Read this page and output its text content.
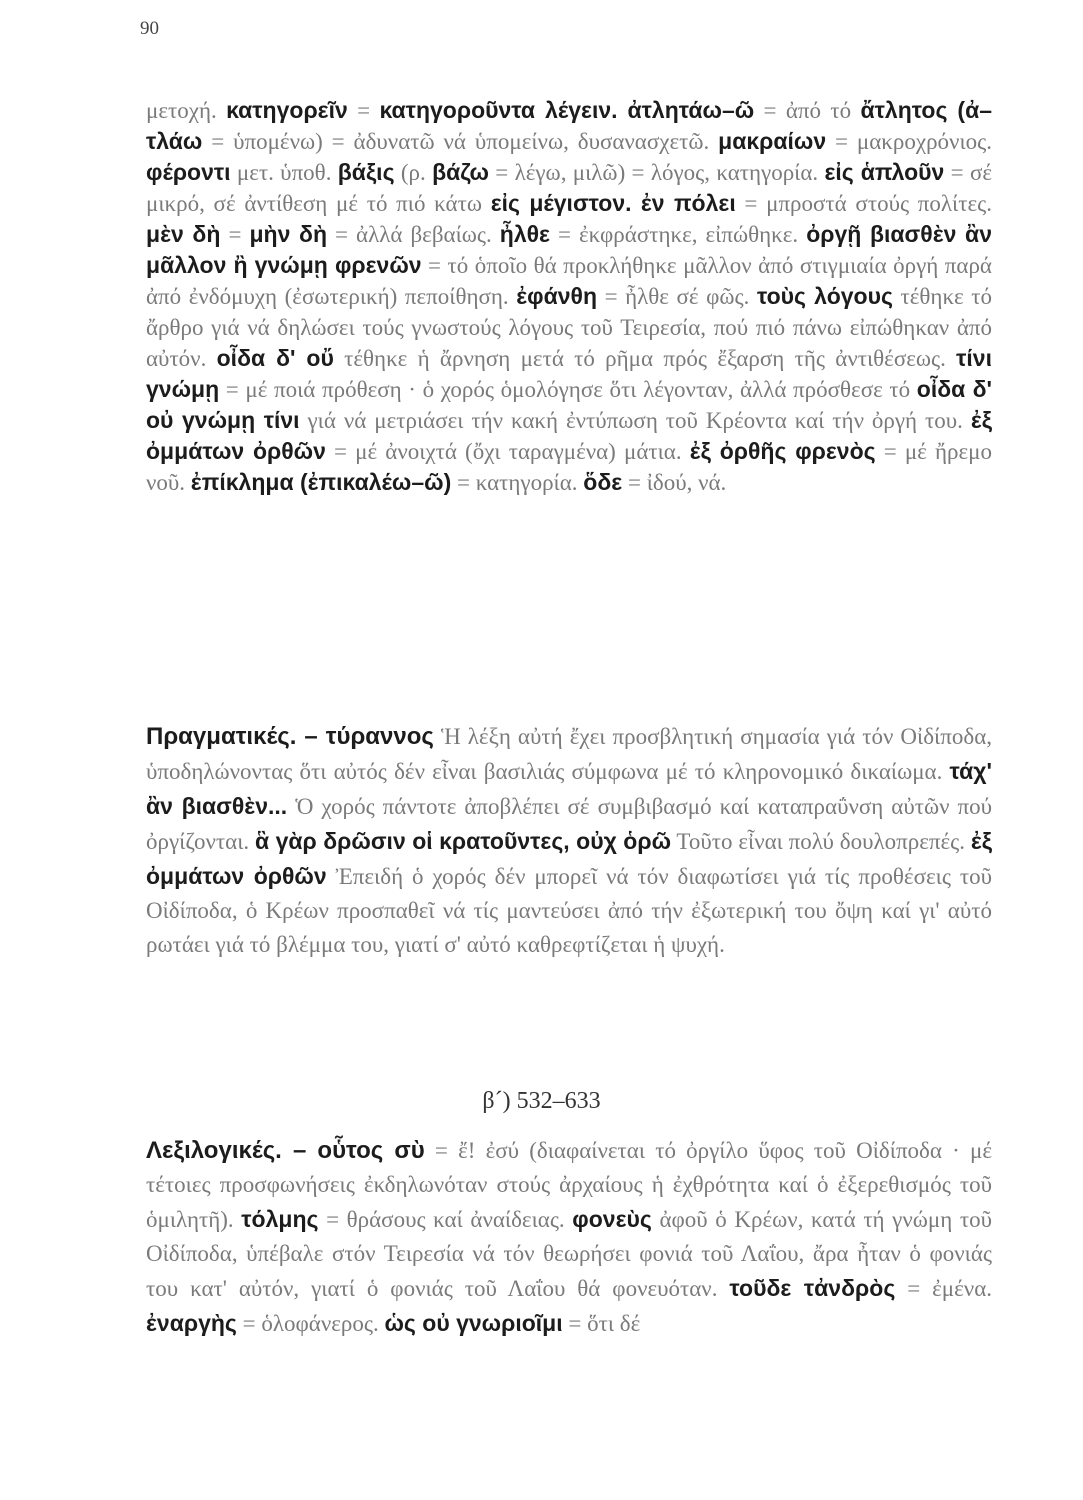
90
μετοχή. κατηγορεῖν = κατηγοροῦντα λέγειν. ἀτλητάω–ῶ = ἀπό τό ἄτλητος (ἀ–τλάω = ὑπομένω) = ἀδυνατῶ νά ὑπομείνω, δυσανασχετῶ. μακραίων = μακροχρόνιος. φέροντι μετ. ὑποθ. βάξις (ρ. βάζω = λέγω, μιλῶ) = λόγος, κατηγορία. εἰς ἁπλοῦν = σέ μικρό, σέ ἀντίθεση μέ τό πιό κάτω εἰς μέγιστον. ἐν πόλει = μπροστά στούς πολίτες. μὲν δὴ = μὴν δὴ = ἀλλά βεβαίως. ἦλθε = ἐκφράστηκε, εἰπώθηκε. ὀργῇ βιασθὲν ἂν μᾶλλον ἢ γνώμῃ φρενῶν = τό ὁποῖο θά προκλήθηκε μᾶλλον ἀπό στιγμιαία ὀργή παρά ἀπό ἐνδόμυχη (ἐσωτερική) πεποίθηση. ἐφάνθη = ἦλθε σέ φῶς. τοὺς λόγους τέθηκε τό ἄρθρο γιά νά δηλώσει τούς γνωστούς λόγους τοῦ Τειρεσία, πού πιό πάνω εἰπώθηκαν ἀπό αὐτόν. οἶδα δ' οὔ τέθηκε ἡ ἄρνηση μετά τό ρῆμα πρός ἔξαρση τῆς ἀντιθέσεως. τίνι γνώμῃ = μέ ποιά πρόθεση · ὁ χορός ὁμολόγησε ὅτι λέγονταν, ἀλλά πρόσθεσε τό οἶδα δ' οὐ γνώμῃ τίνι γιά νά μετριάσει τήν κακή ἐντύπωση τοῦ Κρέοντα καί τήν ὀργή του. ἐξ ὀμμάτων ὀρθῶν = μέ ἀνοιχτά (ὄχι ταραγμένα) μάτια. ἐξ ὀρθῆς φρενὸς = μέ ἤρεμο νοῦ. ἐπίκλημα (ἐπικαλέω–ῶ) = κατηγορία. ὅδε = ἰδού, νά.
Πραγματικές. – τύραννος Ἡ λέξη αὐτή ἔχει προσβλητική σημασία γιά τόν Οἰδίποδα, ὑποδηλώνοντας ὅτι αὐτός δέν εἶναι βασιλιάς σύμφωνα μέ τό κληρονομικό δικαίωμα. τάχ' ἂν βιασθὲν... Ὁ χορός πάντοτε ἀποβλέπει σέ συμβιβασμό καί καταπραΰνση αὐτῶν πού ὀργίζονται. ἃ γὰρ δρῶσιν οἱ κρατοῦντες, οὐχ ὁρῶ Τοῦτο εἶναι πολύ δουλοπρεπές. ἐξ ὀμμάτων ὀρθῶν Ἐπειδή ὁ χορός δέν μπορεῖ νά τόν διαφωτίσει γιά τίς προθέσεις τοῦ Οἰδίποδα, ὁ Κρέων προσπαθεῖ νά τίς μαντεύσει ἀπό τήν ἐξωτερική του ὄψη καί γι' αὐτό ρωτάει γιά τό βλέμμα του, γιατί σ' αὐτό καθρεφτίζεται ἡ ψυχή.
β´) 532–633
Λεξιλογικές. – οὗτος σὺ = ἔ! ἐσύ (διαφαίνεται τό ὀργίλο ὕφος τοῦ Οἰδίποδα · μέ τέτοιες προσφωνήσεις ἐκδηλωνόταν στούς ἀρχαίους ἡ ἐχθρότητα καί ὁ ἐξερεθισμός τοῦ ὁμιλητῆ). τόλμης = θράσους καί ἀναίδειας. φονεὺς ἀφοῦ ὁ Κρέων, κατά τή γνώμη τοῦ Οἰδίποδα, ὑπέβαλε στόν Τειρεσία νά τόν θεωρήσει φονιά τοῦ Λαΐου, ἄρα ἦταν ὁ φονιάς του κατ' αὐτόν, γιατί ὁ φονιάς τοῦ Λαΐου θά φονευόταν. τοῦδε τἀνδρὸς = ἐμένα. ἐναργὴς = ὁλοφάνερος. ὡς οὐ γνωριοῖμι = ὅτι δέ
